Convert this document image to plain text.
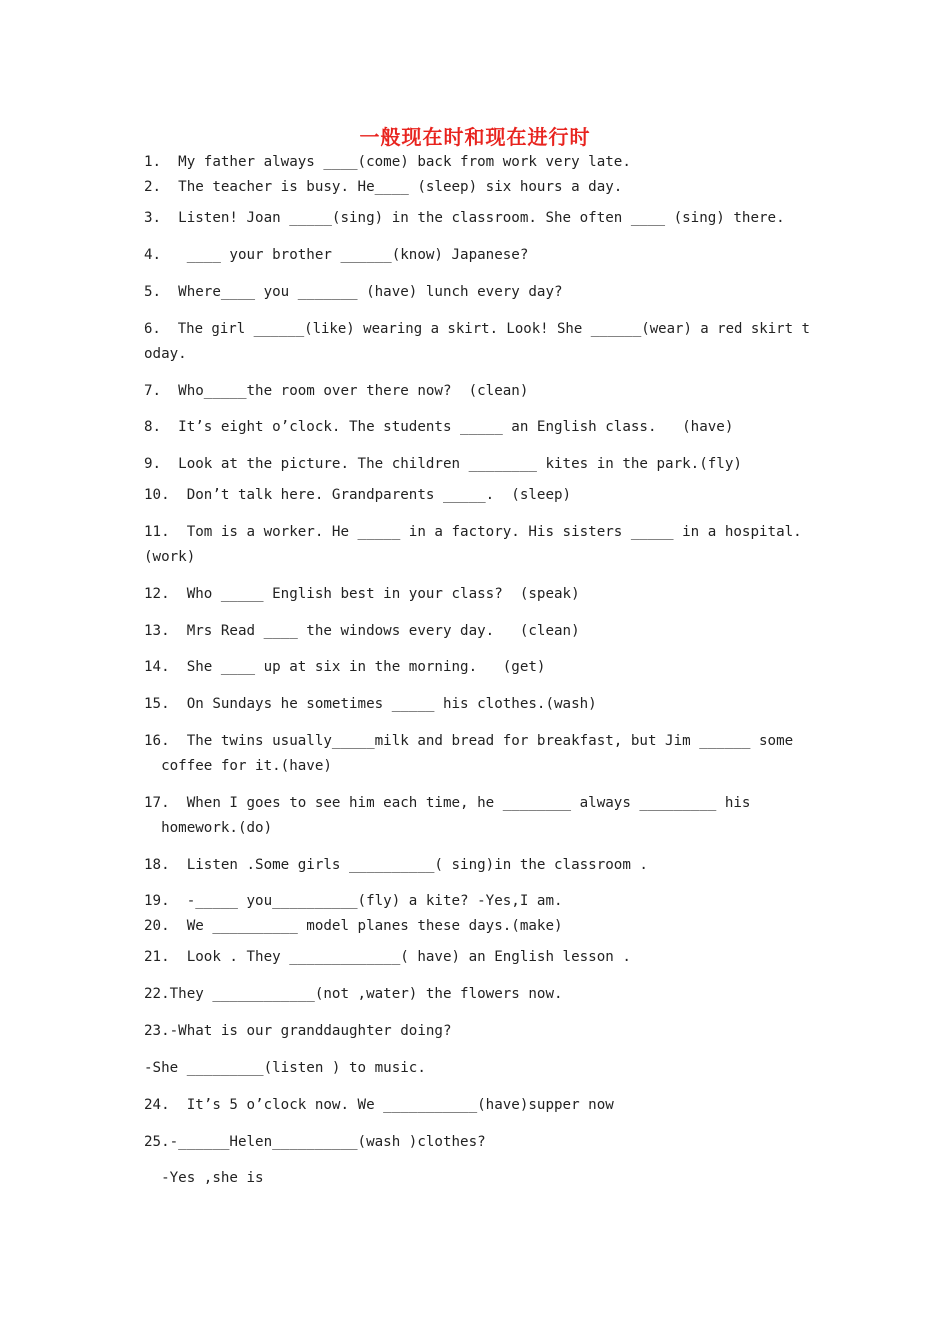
一般现在时和现在进行时
1.  My father always ____(come) back from work very late.
2.  The teacher is busy. He____ (sleep) six hours a day.
3.  Listen! Joan _____(sing) in the classroom. She often ____ (sing) there.
4.   ____ your brother ______(know) Japanese?
5.  Where____ you _______ (have) lunch every day?
6.  The girl ______(like) wearing a skirt. Look! She ______(wear) a red skirt t
oday.
7.  Who_____the room over there now?  (clean)
8.  It’s eight o’clock. The students _____ an English class.   (have)
9.  Look at the picture. The children ________ kites in the park.(fly)
10.  Don’t talk here. Grandparents _____.  (sleep)
11.  Tom is a worker. He _____ in a factory. His sisters _____ in a hospital.
(work)
12.  Who _____ English best in your class?  (speak)
13.  Mrs Read ____ the windows every day.   (clean)
14.  She ____ up at six in the morning.   (get)
15.  On Sundays he sometimes _____ his clothes.(wash)
16.  The twins usually_____milk and bread for breakfast, but Jim ______ some
coffee for it.(have)
17.  When I goes to see him each time, he ________ always _________ his
homework.(do)
18.  Listen .Some girls __________( sing)in the classroom .
19.  -_____ you__________(fly) a kite? -Yes,I am.
20.  We __________ model planes these days.(make)
21.  Look . They _____________( have) an English lesson .
22.They ____________(not ,water) the flowers now.
23.-What is our granddaughter doing?
-She _________(listen ) to music.
24.  It’s 5 o’clock now. We ___________(have)supper now
25.-______Helen__________(wash )clothes?
-Yes ,she is
